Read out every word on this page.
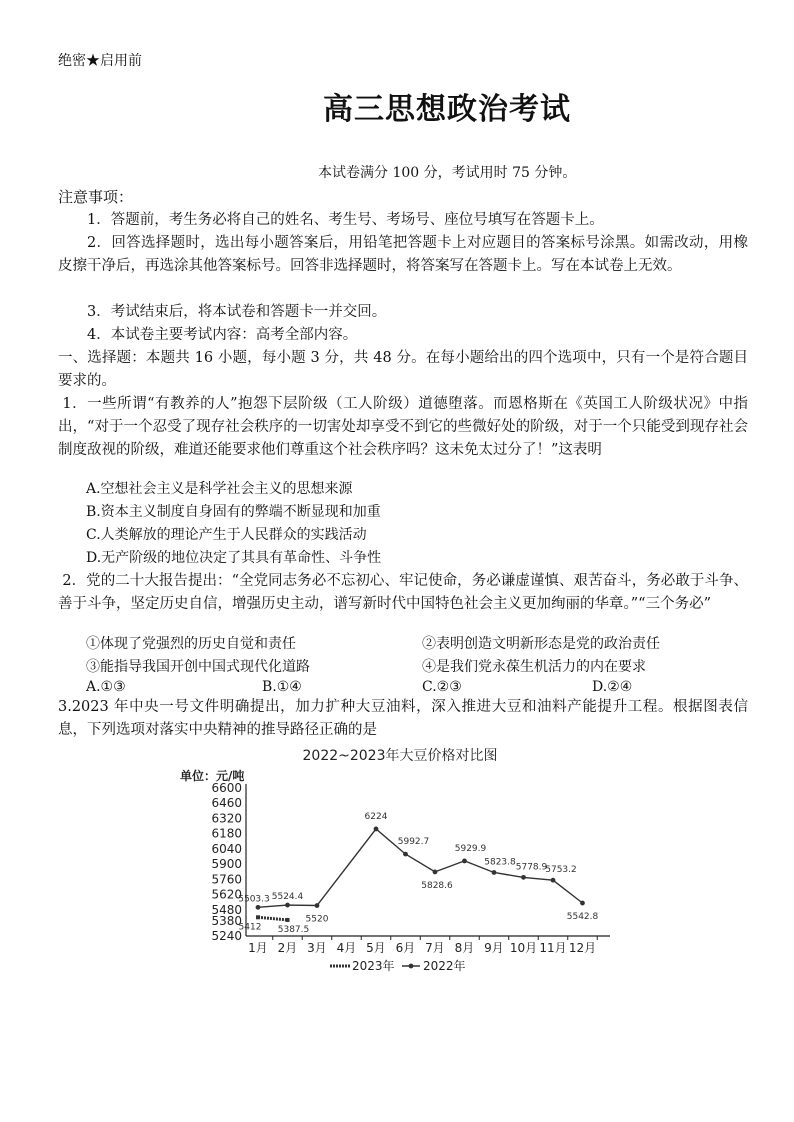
绝密★启用前
高三思想政治考试
本试卷满分 100 分，考试用时 75 分钟。
注意事项：
1．答题前，考生务必将自己的姓名、考生号、考场号、座位号填写在答题卡上。
2．回答选择题时，选出每小题答案后，用铅笔把答题卡上对应题目的答案标号涂黑。如需改动，用橡皮擦干净后，再选涂其他答案标号。回答非选择题时，将答案写在答题卡上。写在本试卷上无效。
3．考试结束后，将本试卷和答题卡一并交回。
4．本试卷主要考试内容：高考全部内容。
一、选择题：本题共 16 小题，每小题 3 分，共 48 分。在每小题给出的四个选项中，只有一个是符合题目要求的。
1．一些所谓“有教养的人”抱怨下层阶级（工人阶级）道德堕落。而恩格斯在《英国工人阶级状况》中指出，“对于一个忍受了现存社会秩序的一切害处却享受不到它的些微好处的阶级，对于一个只能受到现存社会制度敌视的阶级，难道还能要求他们尊重这个社会秩序吗？这未免太过分了！”这表明
A.空想社会主义是科学社会主义的思想来源
B.资本主义制度自身固有的弊端不断显现和加重
C.人类解放的理论产生于人民群众的实践活动
D.无产阶级的地位决定了其具有革命性、斗争性
2．党的二十大报告提出：“全党同志务必不忘初心、牢记使命，务必谦虚谨慎、艰苦奋斗，务必敢于斗争、善于斗争，坚定历史自信，增强历史主动，谱写新时代中国特色社会主义更加绚丽的华章。”“三个务必”
①体现了党强烈的历史自觉和责任	②表明创造文明新形态是党的政治责任
③能指导我国开创中国式现代化道路	④是我们党永葆生机活力的内在要求
A.①③	B.①④	C.②③	D.②④
3.2023 年中央一号文件明确提出，加力扩种大豆油料，深入推进大豆和油料产能提升工程。根据图表信息，下列选项对落实中央精神的推导路径正确的是
2022~2023年大豆价格对比图
单位：元/吨
5240
5380
5480
5620
5760
5900
6040
6180
6320
6460
6600
1月 2月 3月 4月 5月 6月 7月 8月 9月 10月 11月 12月
5503.3 5524.4
5520
6224
5992.7
5828.6
5929.9
5823.8 5778.9
5753.2
5542.8
5412 5387.5
2023年 2022年
